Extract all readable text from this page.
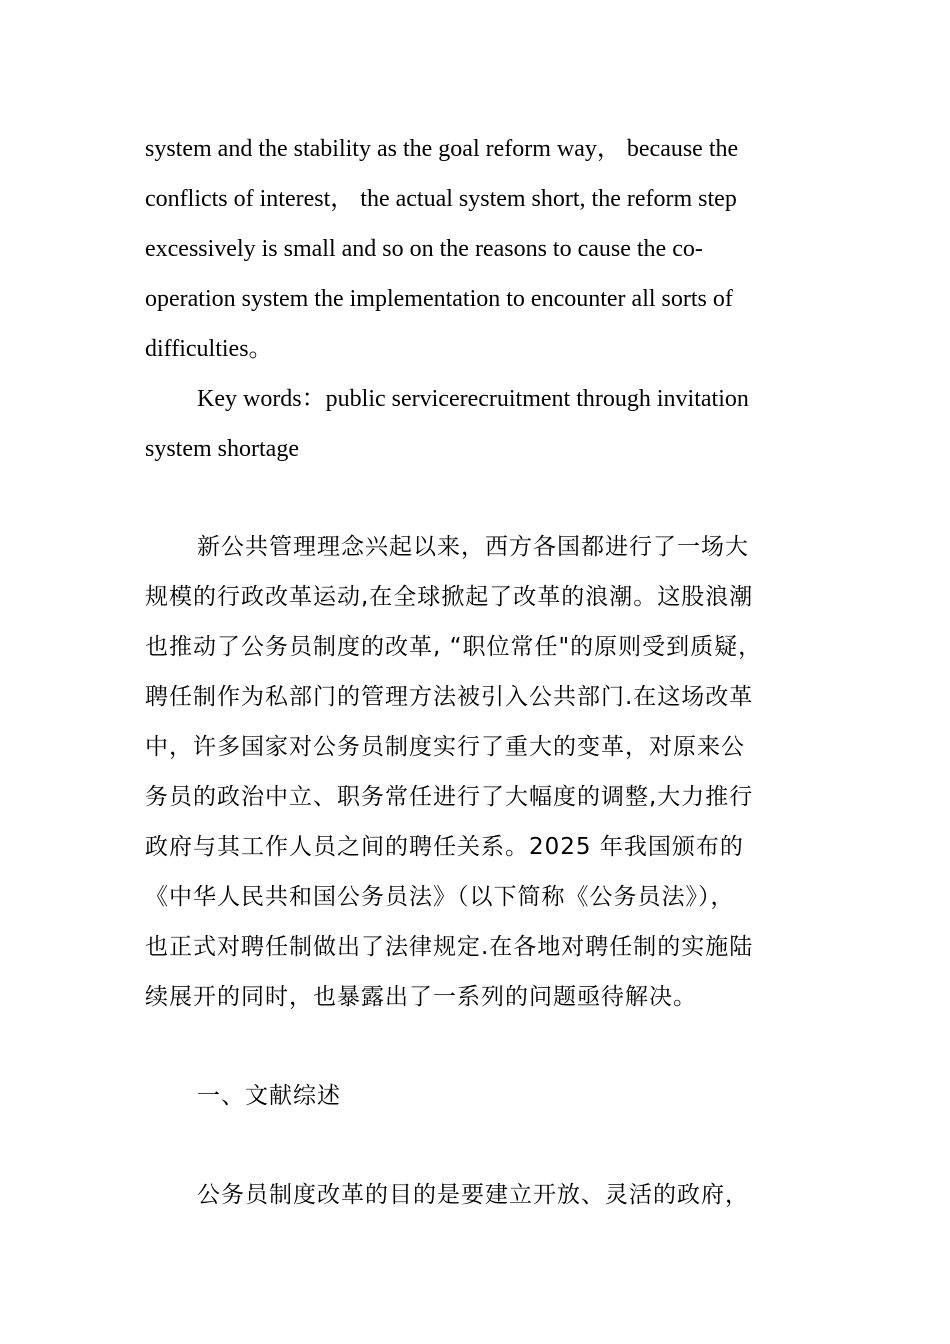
system and the stability as the goal reform way， because the
conflicts of interest， the actual system short, the reform step
excessively is small and so on the reasons to cause the co-
operation system the implementation to encounter all sorts of
difficulties。
Key words：public servicerecruitment through invitation
system shortage
新公共管理理念兴起以来，西方各国都进行了一场大
规模的行政改革运动,在全球掀起了改革的浪潮。这股浪潮
也推动了公务员制度的改革, “职位常任"的原则受到质疑，
聘任制作为私部门的管理方法被引入公共部门.在这场改革
中，许多国家对公务员制度实行了重大的变革，对原来公
务员的政治中立、职务常任进行了大幅度的调整,大力推行
政府与其工作人员之间的聘任关系。2025 年我国颁布的
《中华人民共和国公务员法》（以下简称《公务员法》），
也正式对聘任制做出了法律规定.在各地对聘任制的实施陆
续展开的同时，也暴露出了一系列的问题亟待解决。
一、文献综述
公务员制度改革的目的是要建立开放、灵活的政府，
